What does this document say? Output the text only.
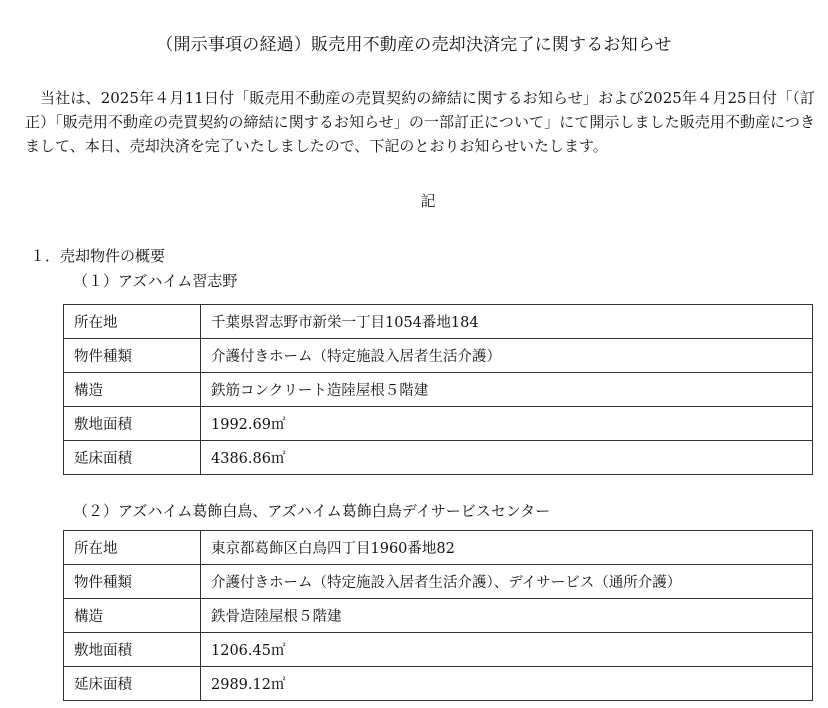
（開示事項の経過）販売用不動産の売却決済完了に関するお知らせ
当社は、2025年４月11日付「販売用不動産の売買契約の締結に関するお知らせ」および2025年４月25日付「（訂正）「販売用不動産の売買契約の締結に関するお知らせ」の一部訂正について」にて開示しました販売用不動産につきまして、本日、売却決済を完了いたしましたので、下記のとおりお知らせいたします。
記
１．売却物件の概要
（１）アズハイム習志野
所在地	千葉県習志野市新栄一丁目1054番地184
物件種類	介護付きホーム（特定施設入居者生活介護）
構造	鉄筋コンクリート造陸屋根５階建
敷地面積	1992.69㎡
延床面積	4386.86㎡
（２）アズハイム葛飾白鳥、アズハイム葛飾白鳥デイサービスセンター
所在地	東京都葛飾区白鳥四丁目1960番地82
物件種類	介護付きホーム（特定施設入居者生活介護）、デイサービス（通所介護）
構造	鉄骨造陸屋根５階建
敷地面積	1206.45㎡
延床面積	2989.12㎡
